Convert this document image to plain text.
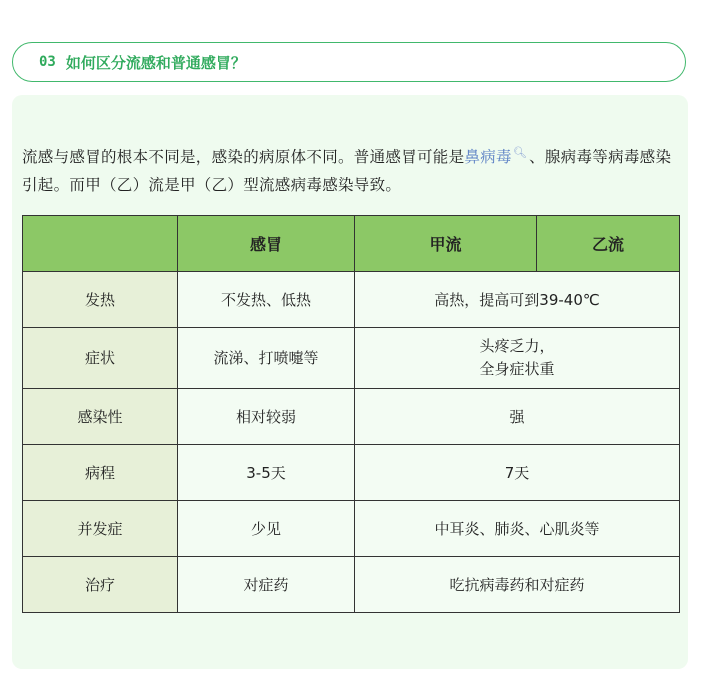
03 如何区分流感和普通感冒？
流感与感冒的根本不同是，感染的病原体不同。普通感冒可能是鼻病毒🔍︎ 、腺病毒等病毒感染引起。而甲（乙）流是甲（乙）型流感病毒感染导致。
	感冒	甲流	乙流
发热	不发热、低热	高热，提高可到39-40℃	
症状	流涕、打喷嚏等	头疼乏力，
全身症状重	

感染性	相对较弱	强	
病程	3-5天	7天	
并发症	少见	中耳炎、肺炎、心肌炎等	
治疗	对症药	吃抗病毒药和对症药	
